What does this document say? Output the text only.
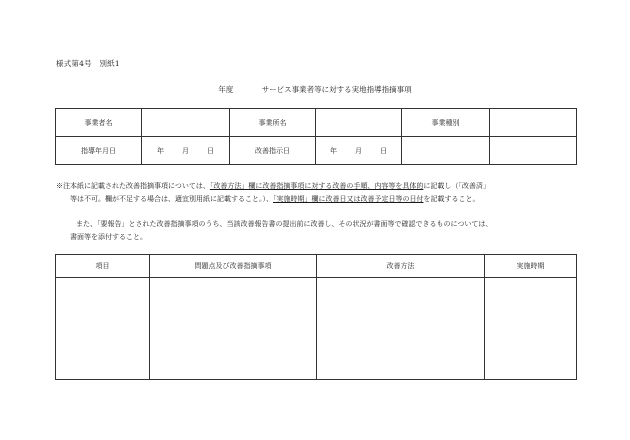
様式第4号　別紙1
年度	サービス事業者等に対する実地指導指摘事項
事業者名		事業所名		事業種別	
指導年月日	年 月 日	改善指示日	年 月 日		
※注本紙に記載された改善指摘事項については、「改善方法」欄に改善指摘事項に対する改善の手順、内容等を具体的に記載し（「改善済」
等は不可。欄が不足する場合は、適宜別用紙に記載すること。）、「実施時期」欄に改善日又は改善予定日等の日付を記載すること。
また、「要報告」とされた改善指摘事項のうち、当該改善報告書の提出前に改善し、その状況が書面等で確認できるものについては、
書面等を添付すること。
項目	問題点及び改善指摘事項	改善方法	実施時期
